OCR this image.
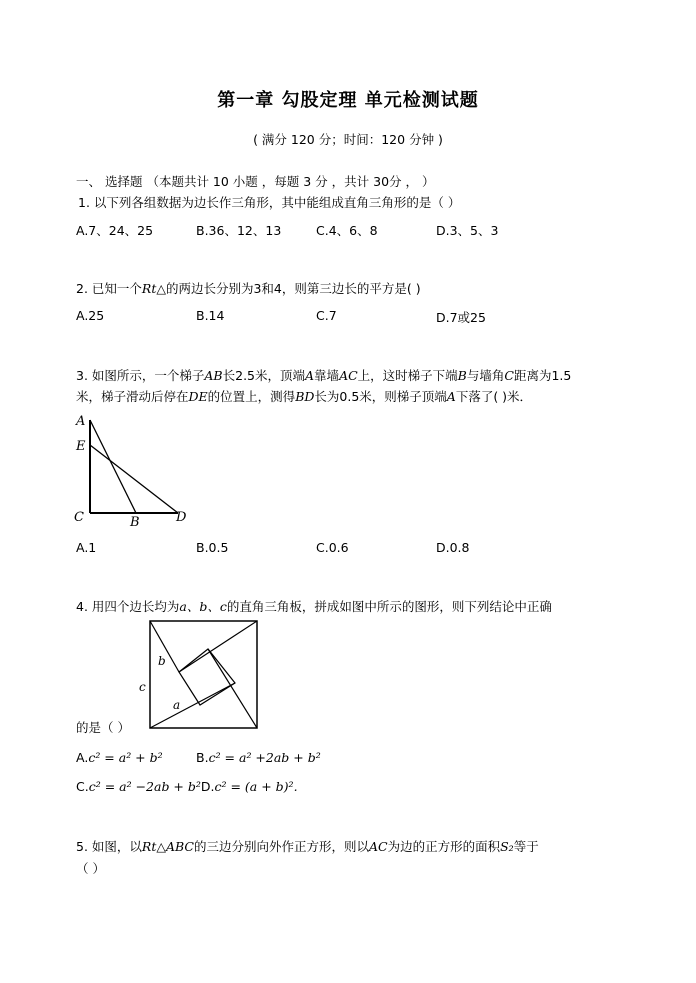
第一章 勾股定理 单元检测试题
( 满分 120 分；时间：120 分钟 )
一、 选择题 （本题共计 10 小题 ，每题 3 分 ，共计 30分 ， ）
1. 以下列各组数据为边长作三角形，其中能组成直角三角形的是（ ）
A.7、24、25	B.36、12、13	C.4、6、8	D.3、5、3
2. 已知一个Rt△的两边长分别为3和4，则第三边长的平方是( )
A.25	B.14	C.7	D.7或25
3. 如图所示，一个梯子AB长2.5米，顶端A靠墙AC上，这时梯子下端B与墙角C距离为1.5
米，梯子滑动后停在DE的位置上，测得BD长为0.5米，则梯子顶端A下落了( )米．
A
E
C	B	D
A.1	B.0.5	C.0.6	D.0.8
4. 用四个边长均为a、b、c的直角三角板，拼成如图中所示的图形，则下列结论中正确
b
c
a
的是（ ）
A.c² = a² + b²	B.c² = a² +2ab + b²
C.c² = a² −2ab + b²D.c² = (a + b)².
5. 如图，以Rt△ABC的三边分别向外作正方形，则以AC为边的正方形的面积S₂等于
（ ）
